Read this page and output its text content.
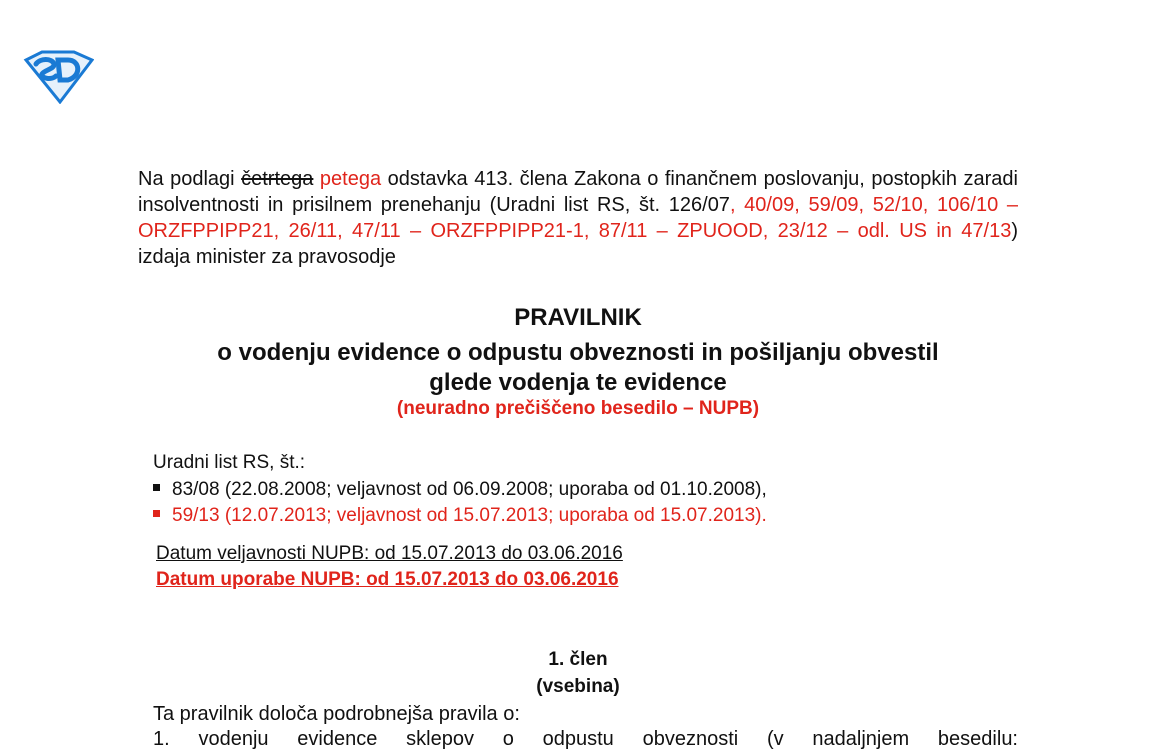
Na podlagi četrtega petega odstavka 413. člena Zakona o finančnem poslovanju, postopkih zaradi insolventnosti in prisilnem prenehanju (Uradni list RS, št. 126/07, 40/09, 59/09, 52/10, 106/10 – ORZFPPIPP21, 26/11, 47/11 – ORZFPPIPP21-1, 87/11 – ZPUOOD, 23/12 – odl. US in 47/13) izdaja minister za pravosodje
PRAVILNIK
o vodenju evidence o odpustu obveznosti in pošiljanju obvestil
glede vodenja te evidence
(neuradno prečiščeno besedilo – NUPB)
Uradni list RS, št.:
83/08 (22.08.2008; veljavnost od 06.09.2008; uporaba od 01.10.2008),
59/13 (12.07.2013; veljavnost od 15.07.2013; uporaba od 15.07.2013).
Datum veljavnosti NUPB: od 15.07.2013 do 03.06.2016
Datum uporabe NUPB: od 15.07.2013 do 03.06.2016
1. člen
(vsebina)
Ta pravilnik določa podrobnejša pravila o:
1. vodenju evidence sklepov o odpustu obveznosti (v nadaljnjem besedilu:
